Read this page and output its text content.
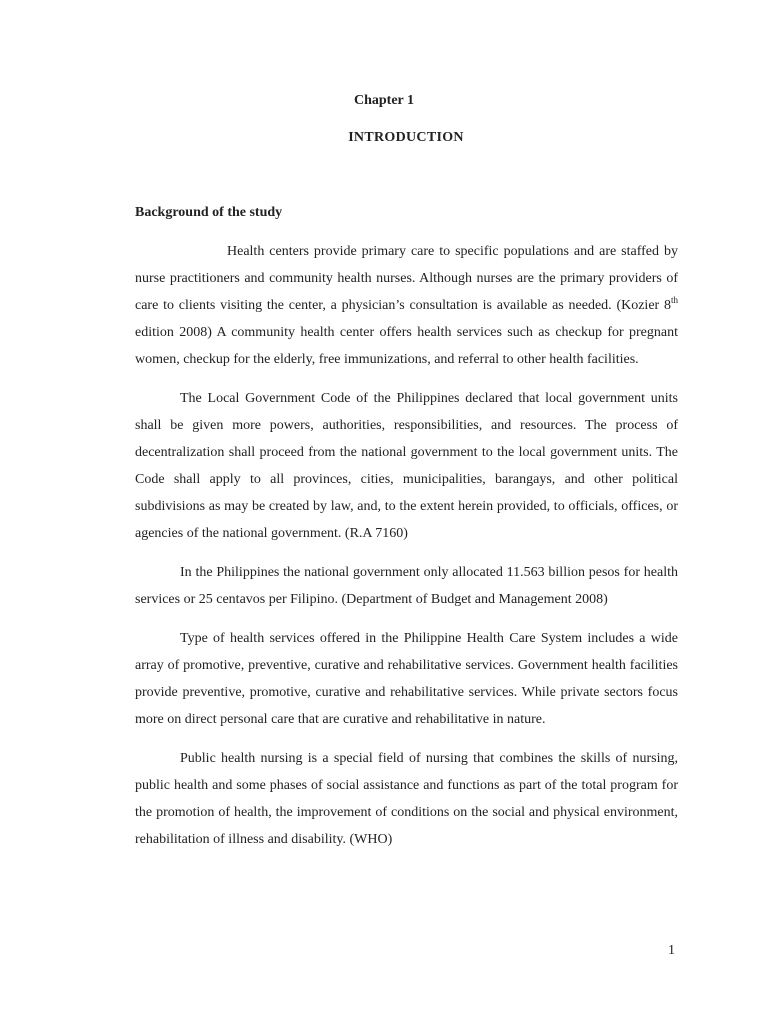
Chapter 1
INTRODUCTION
Background of the study

Health centers provide primary care to specific populations and are staffed by nurse practitioners and community health nurses. Although nurses are the primary providers of care to clients visiting the center, a physician’s consultation is available as needed. (Kozier 8th edition 2008) A community health center offers health services such as checkup for pregnant women, checkup for the elderly, free immunizations, and referral to other health facilities.

The Local Government Code of the Philippines declared that local government units shall be given more powers, authorities, responsibilities, and resources. The process of decentralization shall proceed from the national government to the local government units. The Code shall apply to all provinces, cities, municipalities, barangays, and other political subdivisions as may be created by law, and, to the extent herein provided, to officials, offices, or agencies of the national government. (R.A 7160)

In the Philippines the national government only allocated 11.563 billion pesos for health services or 25 centavos per Filipino. (Department of Budget and Management 2008)

Type of health services offered in the Philippine Health Care System includes a wide array of promotive, preventive, curative and rehabilitative services. Government health facilities provide preventive, promotive, curative and rehabilitative services. While private sectors focus more on direct personal care that are curative and rehabilitative in nature.

Public health nursing is a special field of nursing that combines the skills of nursing, public health and some phases of social assistance and functions as part of the total program for the promotion of health, the improvement of conditions on the social and physical environment, rehabilitation of illness and disability. (WHO)

1
